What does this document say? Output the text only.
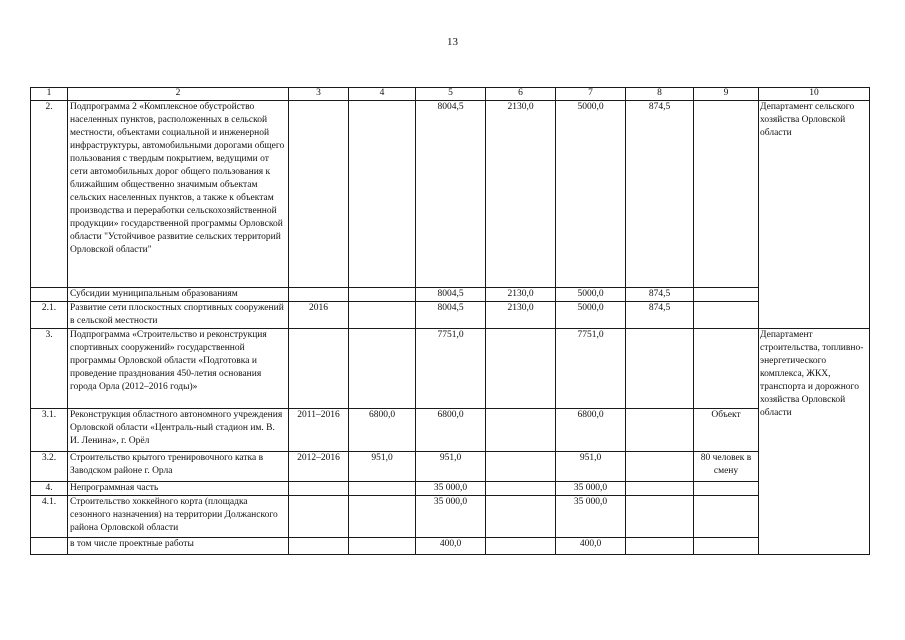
13
1	2	3	4	5	6	7	8	9	10	
2.	Подпрограмма 2 «Комплексное обустройство населенных пунктов, расположенных в сельской местности, объектами социальной и инженерной инфраструктуры, автомобильными дорогами общего пользования с твердым покрытием, ведущими от сети автомобильных дорог общего пользования к ближайшим общественно значимым объектам сельских населенных пунктов, а также к объектам производства и переработки сельскохозяйственной продукции» государственной программы Орловской области "Устойчивое развитие сельских территорий Орловской области"			8004,5	2130,0	5000,0	874,5		Департамент сельского хозяйства Орловской области	
	Субсидии муниципальным образованиям			8004,5	2130,0	5000,0	874,5			
2.1.	Развитие сети плоскостных спортивных сооружений в сельской местности	2016		8004,5	2130,0	5000,0	874,5			
3.	Подпрограмма «Строительство и реконструкция спортивных сооружений» государственной программы Орловской области «Подготовка и проведение празднования 450-летия основания города Орла (2012–2016 годы)»			7751,0		7751,0			Департамент строительства, топливно-энергетического комплекса, ЖКХ, транспорта и дорожного хозяйства Орловской области	
3.1.	Реконструкция областного автономного учреждения Орловской области «Централь-ный стадион им. В. И. Ленина», г. Орёл	2011–2016	6800,0	6800,0		6800,0		Объект		
3.2.	Строительство крытого тренировочного катка в Заводском районе г. Орла	2012–2016	951,0	951,0		951,0		80 человек в смену		
4.	Непрограммная часть			35 000,0		35 000,0				
4.1.	Строительство хоккейного корта (площадка сезонного назначения) на территории Должанского района Орловской области			35 000,0		35 000,0				
	в том числе проектные работы			400,0		400,0				
